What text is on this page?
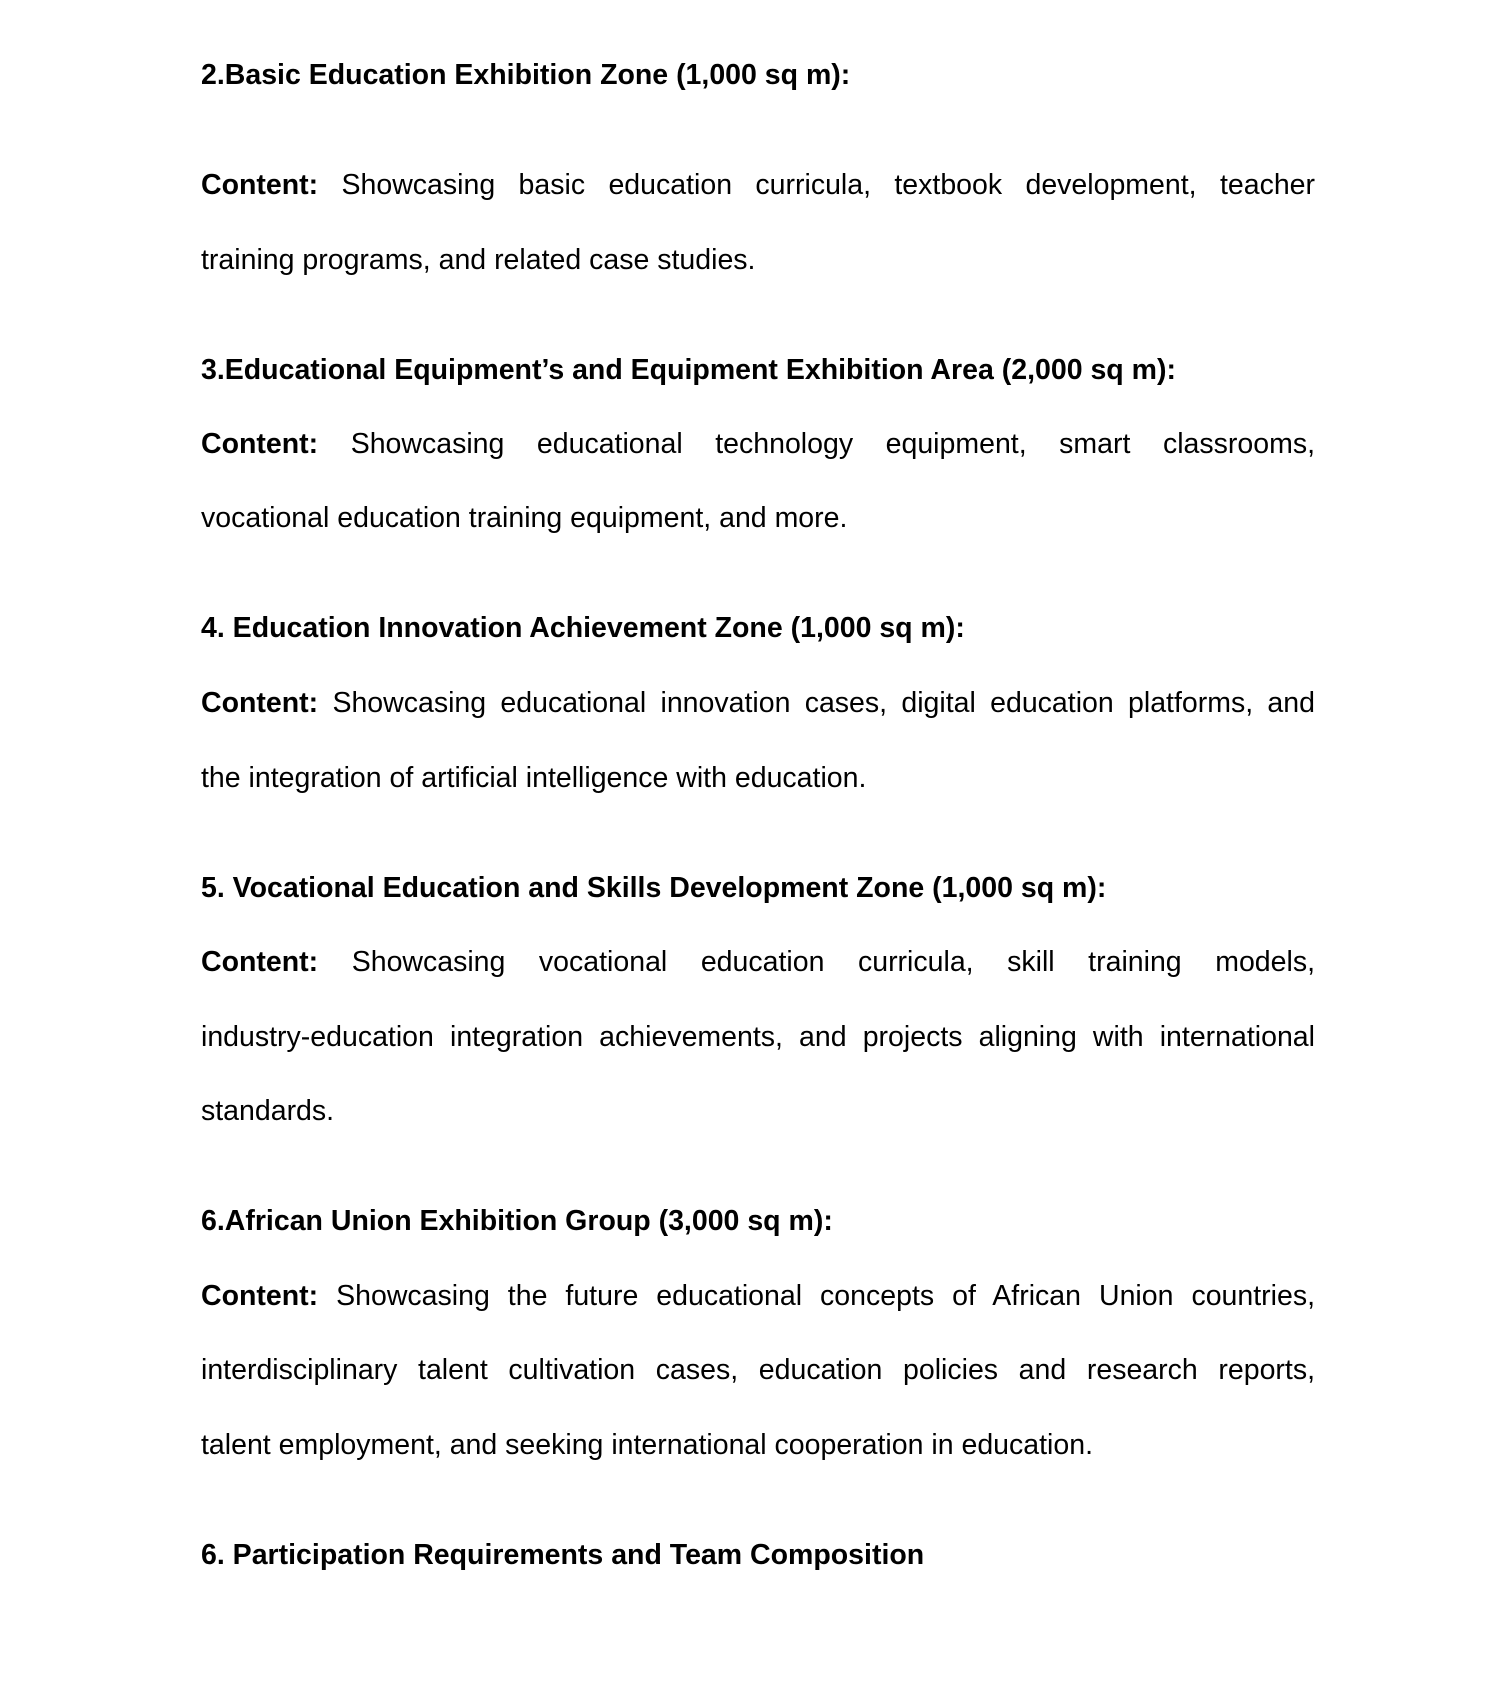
2.Basic Education Exhibition Zone (1,000 sq m):
Content: Showcasing basic education curricula, textbook development, teacher
training programs, and related case studies.
3.Educational Equipment’s and Equipment Exhibition Area (2,000 sq m):
Content: Showcasing educational technology equipment, smart classrooms,
vocational education training equipment, and more.
4. Education Innovation Achievement Zone (1,000 sq m):
Content: Showcasing educational innovation cases, digital education platforms, and
the integration of artificial intelligence with education.
5. Vocational Education and Skills Development Zone (1,000 sq m):
Content: Showcasing vocational education curricula, skill training models,
industry-education integration achievements, and projects aligning with international
standards.
6.African Union Exhibition Group (3,000 sq m):
Content: Showcasing the future educational concepts of African Union countries,
interdisciplinary talent cultivation cases, education policies and research reports,
talent employment, and seeking international cooperation in education.
6. Participation Requirements and Team Composition
